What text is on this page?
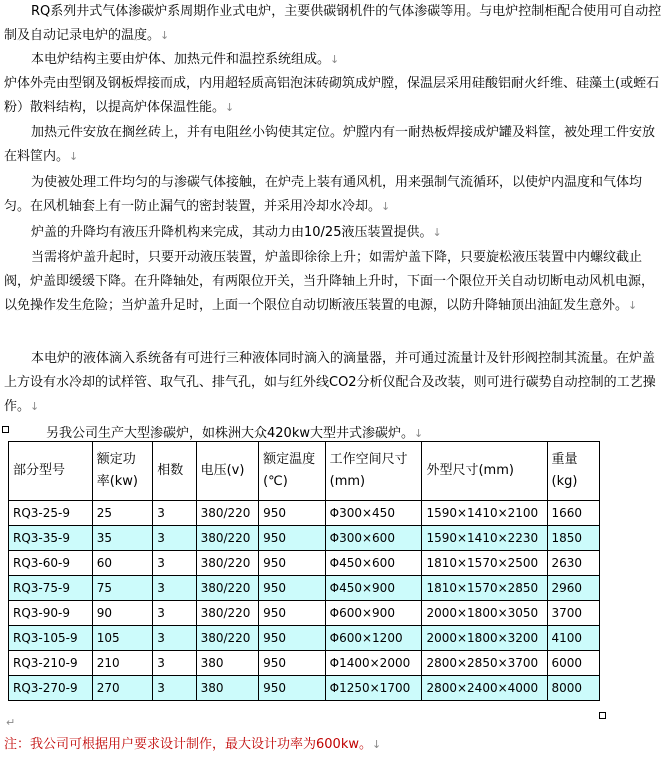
RQ系列井式气体渗碳炉系周期作业式电炉，主要供碳钢机件的气体渗碳等用。与电炉控制柜配合使用可自动控制及自动记录电炉的温度。↓

本电炉结构主要由炉体、加热元件和温控系统组成。↓

炉体外壳由型钢及钢板焊接而成，内用超轻质高铝泡沫砖砌筑成炉膛，保温层采用硅酸铝耐火纤维、硅藻土(或蛭石粉）散料结构，以提高炉体保温性能。↓

加热元件安放在搁丝砖上，并有电阻丝小钩使其定位。炉膛内有一耐热板焊接成炉罐及料筐，被处理工件安放在料筐内。↓

为使被处理工件均匀的与渗碳气体接触，在炉壳上装有通风机，用来强制气流循环，以使炉内温度和气体均匀。在风机轴套上有一防止漏气的密封装置，并采用冷却水冷却。↓

炉盖的升降均有液压升降机构来完成，其动力由10/25液压装置提供。↓

当需将炉盖升起时，只要开动液压装置，炉盖即徐徐上升；如需炉盖下降，只要旋松液压装置中内螺纹截止阀，炉盖即缓缓下降。在升降轴处，有两限位开关，当升降轴上升时，下面一个限位开关自动切断电动风机电源，以免操作发生危险；当炉盖升足时，上面一个限位自动切断液压装置的电源，以防升降轴顶出油缸发生意外。↓

本电炉的液体滴入系统备有可进行三种液体同时滴入的滴量器，并可通过流量计及针形阀控制其流量。在炉盖上方设有水冷却的试样管、取气孔、排气孔，如与红外线CO2分析仪配合及改装，则可进行碳势自动控制的工艺操作。↓

另我公司生产大型渗碳炉，如株洲大众420kw大型井式渗碳炉。↓
部分型号	额定功率(kw)	相数	电压(v)	额定温度(℃)	工作空间尺寸　(mm)	外型尺寸(mm)	重量(kg)
RQ3-25-9	25	3	380/220	950	Φ300×450	1590×1410×2100	1660
RQ3-35-9	35	3	380/220	950	Φ300×600	1590×1410×2230	1850
RQ3-60-9	60	3	380/220	950	Φ450×600	1810×1570×2500	2630
RQ3-75-9	75	3	380/220	950	Φ450×900	1810×1570×2850	2960
RQ3-90-9	90	3	380/220	950	Φ600×900	2000×1800×3050	3700
RQ3-105-9	105	3	380/220	950	Φ600×1200	2000×1800×3200	4100
RQ3-210-9	210	3	380	950	Φ1400×2000	2800×2850×3700	6000
RQ3-270-9	270	3	380	950	Φ1250×1700	2800×2400×4000	8000
↵
注：我公司可根据用户要求设计制作，最大设计功率为600kw。↓
